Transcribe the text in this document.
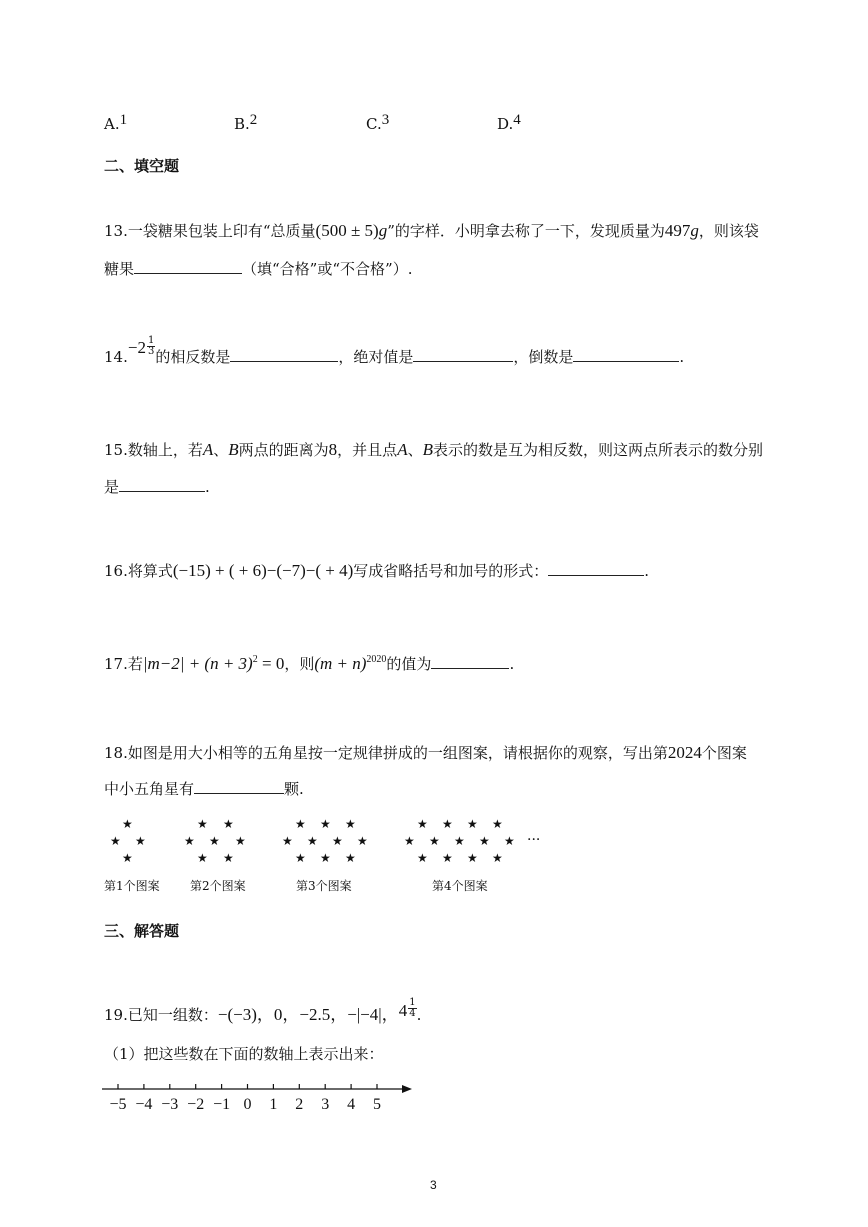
A.$^1$	B.$^2$	C.$^3$	D.$^4$
二、填空题
13.一袋糖果包装上印有“总质量(500 ± 5)g”的字样．小明拿去称了一下，发现质量为497g，则该袋
糖果	（填“合格”或“不合格”）.
$14.-2 \frac{1}{3}$
的相反数是	，绝对值是	，倒数是	.
15.数轴上，若A、B两点的距离为8，并且点A、B表示的数是互为相反数，则这两点所表示的数分别
是	.
16.将算式(−15) + ( + 6)−(−7)−( + 4)写成省略括号和加号的形式：	.
17.若$|m-2| + (n + 3)^2 = 0$，则$(m + n)^{2020}$的值为	.
18.如图是用大小相等的五角星按一定规律拼成的一组图案，请根据你的观察，写出第2024个图案
中小五角星有	颗.
★
★ ★
★
★ ★
★ ★ ★
★ ★
★ ★ ★
★ ★ ★ ★
★ ★ ★
★ ★ ★ ★
★ ★ ★ ★ ★
★ ★ ★ ★
···
第1个图案	第2个图案	第3个图案	第4个图案
三、解答题
19.已知一组数：−(−3)，0，−2.5，−|−4|，$4 \frac{1}{4}$ .
（1）把这些数在下面的数轴上表示出来：
−5 −4 −3 −2 −1 0	1	2	3	4	5
3
